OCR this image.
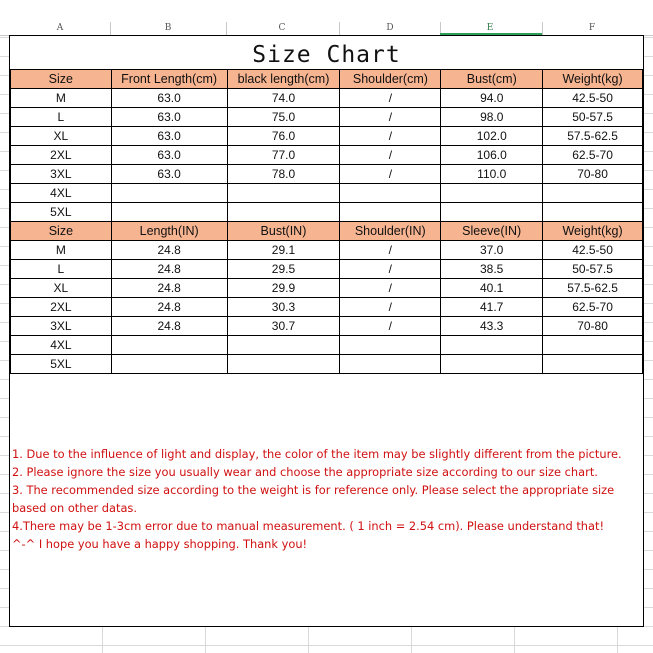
A	B	C	D	E	F
Size Chart
Size	Front Length(cm)	black length(cm)	Shoulder(cm)	Bust(cm)	Weight(kg)
M	63.0	74.0	/	94.0	42.5-50
L	63.0	75.0	/	98.0	50-57.5
XL	63.0	76.0	/	102.0	57.5-62.5
2XL	63.0	77.0	/	106.0	62.5-70
3XL	63.0	78.0	/	110.0	70-80
4XL					
5XL					
Size	Length(IN)	Bust(IN)	Shoulder(IN)	Sleeve(IN)	Weight(kg)
M	24.8	29.1	/	37.0	42.5-50
L	24.8	29.5	/	38.5	50-57.5
XL	24.8	29.9	/	40.1	57.5-62.5
2XL	24.8	30.3	/	41.7	62.5-70
3XL	24.8	30.7	/	43.3	70-80
4XL					
5XL					
1. Due to the influence of light and display, the color of the item may be slightly different from the picture.
2. Please ignore the size you usually wear and choose the appropriate size according to our size chart.
3. The recommended size according to the weight is for reference only. Please select the appropriate size
based on other datas.
4.There may be 1-3cm error due to manual measurement. ( 1 inch = 2.54 cm). Please understand that!
^-^ I hope you have a happy shopping. Thank you!
